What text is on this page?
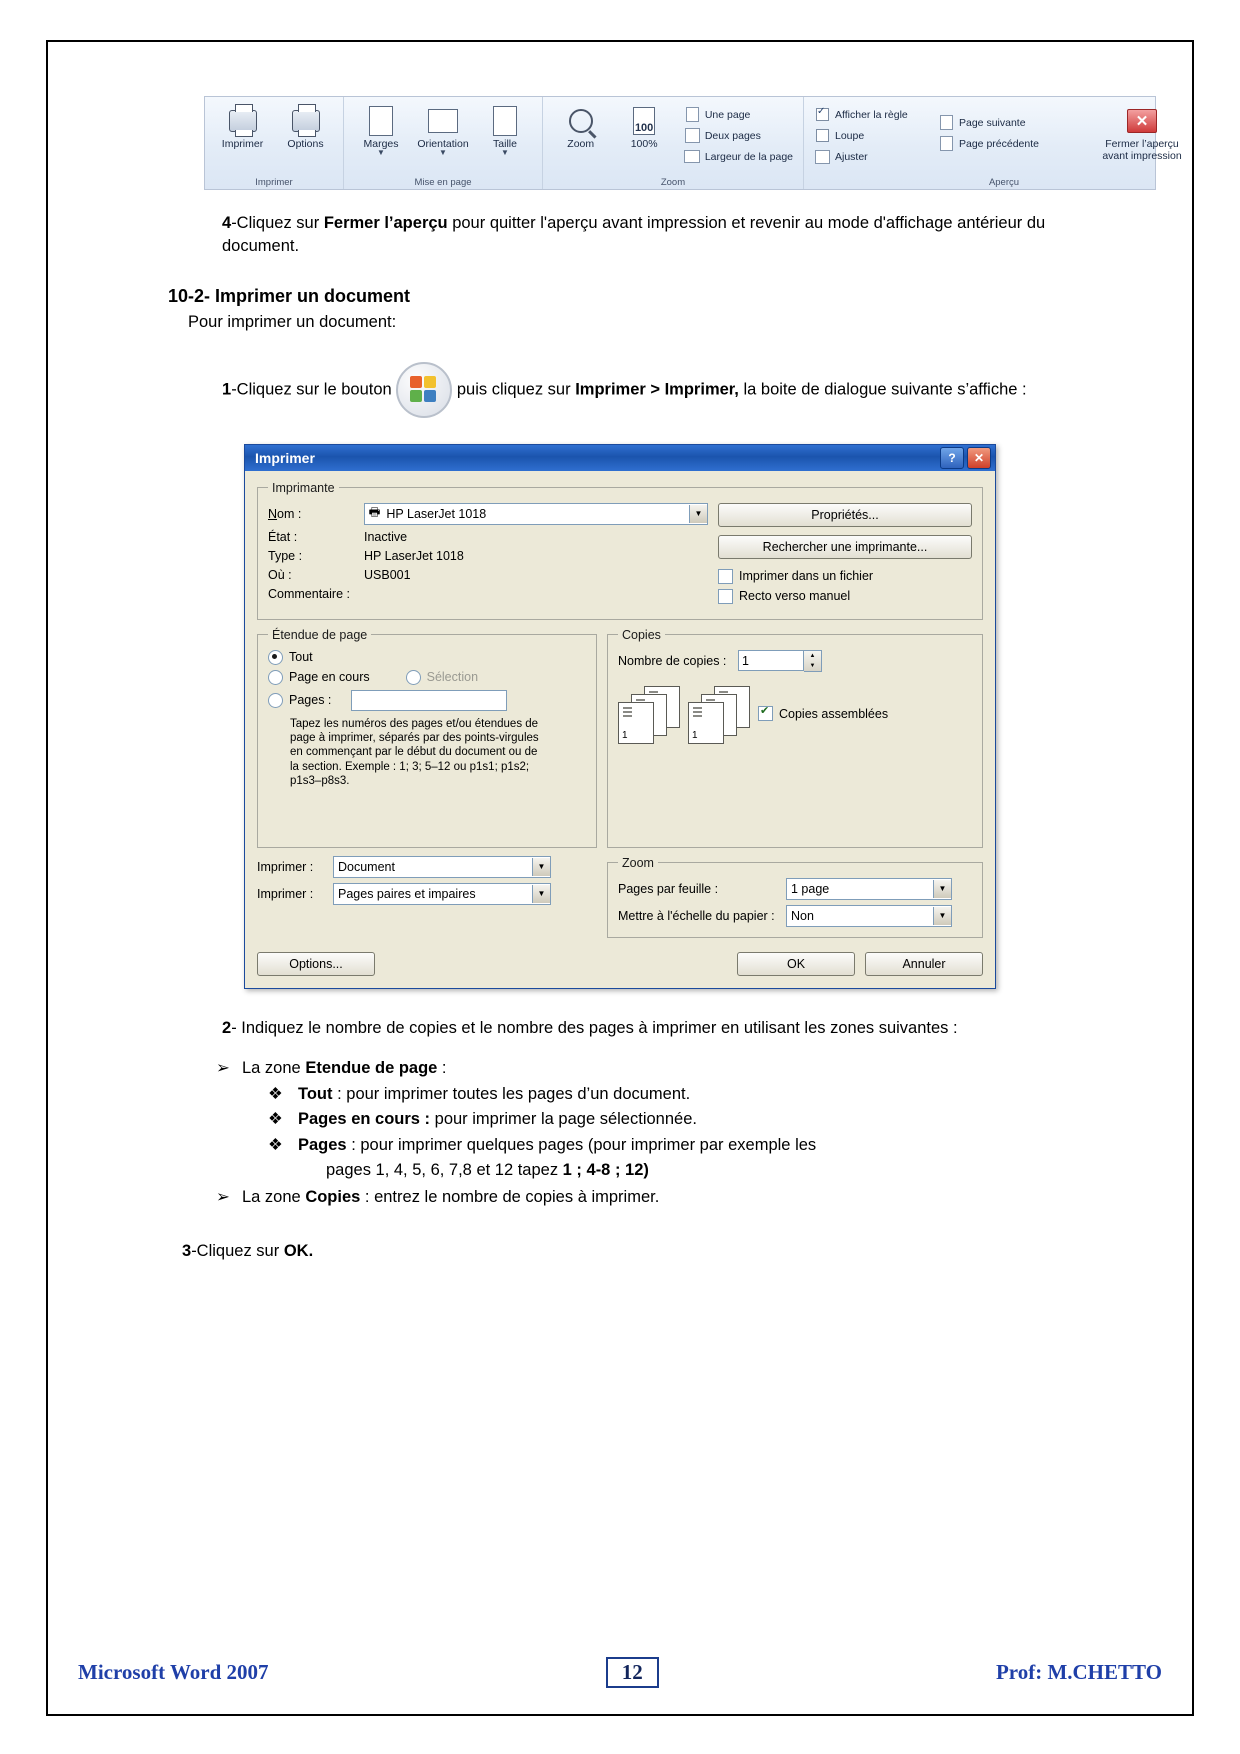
Imprimer Options
Imprimer
Marges
▼
Orientation
▼
Taille
▼
Mise en page
Zoom
100
100%
Une page
Deux pages
Largeur de la page
Zoom
✓
Afficher la règle
Loupe
Ajuster
Page suivante
Page précédente
✕
Fermer l’aperçu
avant impression
Aperçu

4-Cliquez sur Fermer l’aperçu pour quitter l'aperçu avant impression et revenir au mode d'affichage antérieur du document.

10-2- Imprimer un document
Pour imprimer un document:

1-Cliquez sur le bouton	puis cliquez sur Imprimer > Imprimer, la boite de dialogue suivante s’affiche :

Imprimer	?	✕
Imprimante
Nom :	🖶 HP LaserJet 1018	▼
État :	Inactive
Type :	HP LaserJet 1018
Où :	USB001
Commentaire :
Propriétés...
Rechercher une imprimante...
Imprimer dans un fichier
Recto verso manuel
Étendue de page
Tout
Page en cours	Sélection
Pages :
Tapez les numéros des pages et/ou étendues de page à imprimer, séparés par des points-virgules en commençant par le début du document ou de la section. Exemple : 1; 3; 5–12 ou p1s1; p1s2; p1s3–p8s3.
Imprimer :	Document	▼
Imprimer :	Pages paires et impaires	▼
Copies
Nombre de copies :	1	▲
▼
1	1
✔
Copies assemblées
Zoom
Pages par feuille :	1 page	▼
Mettre à l'échelle du papier :	Non	▼
Options...	OK	Annuler

2- Indiquez le nombre de copies et le nombre des pages à imprimer en utilisant les zones suivantes :

➢ La zone Etendue de page :
❖ Tout : pour imprimer toutes les pages d’un document.
❖ Pages en cours : pour imprimer la page sélectionnée.
❖ Pages : pour imprimer quelques pages (pour imprimer par exemple les
pages 1, 4, 5, 6, 7,8 et 12 tapez 1 ; 4-8 ; 12)
➢ La zone Copies : entrez le nombre de copies à imprimer.

3-Cliquez sur OK.

Microsoft Word 2007	12	Prof: M.CHETTO
